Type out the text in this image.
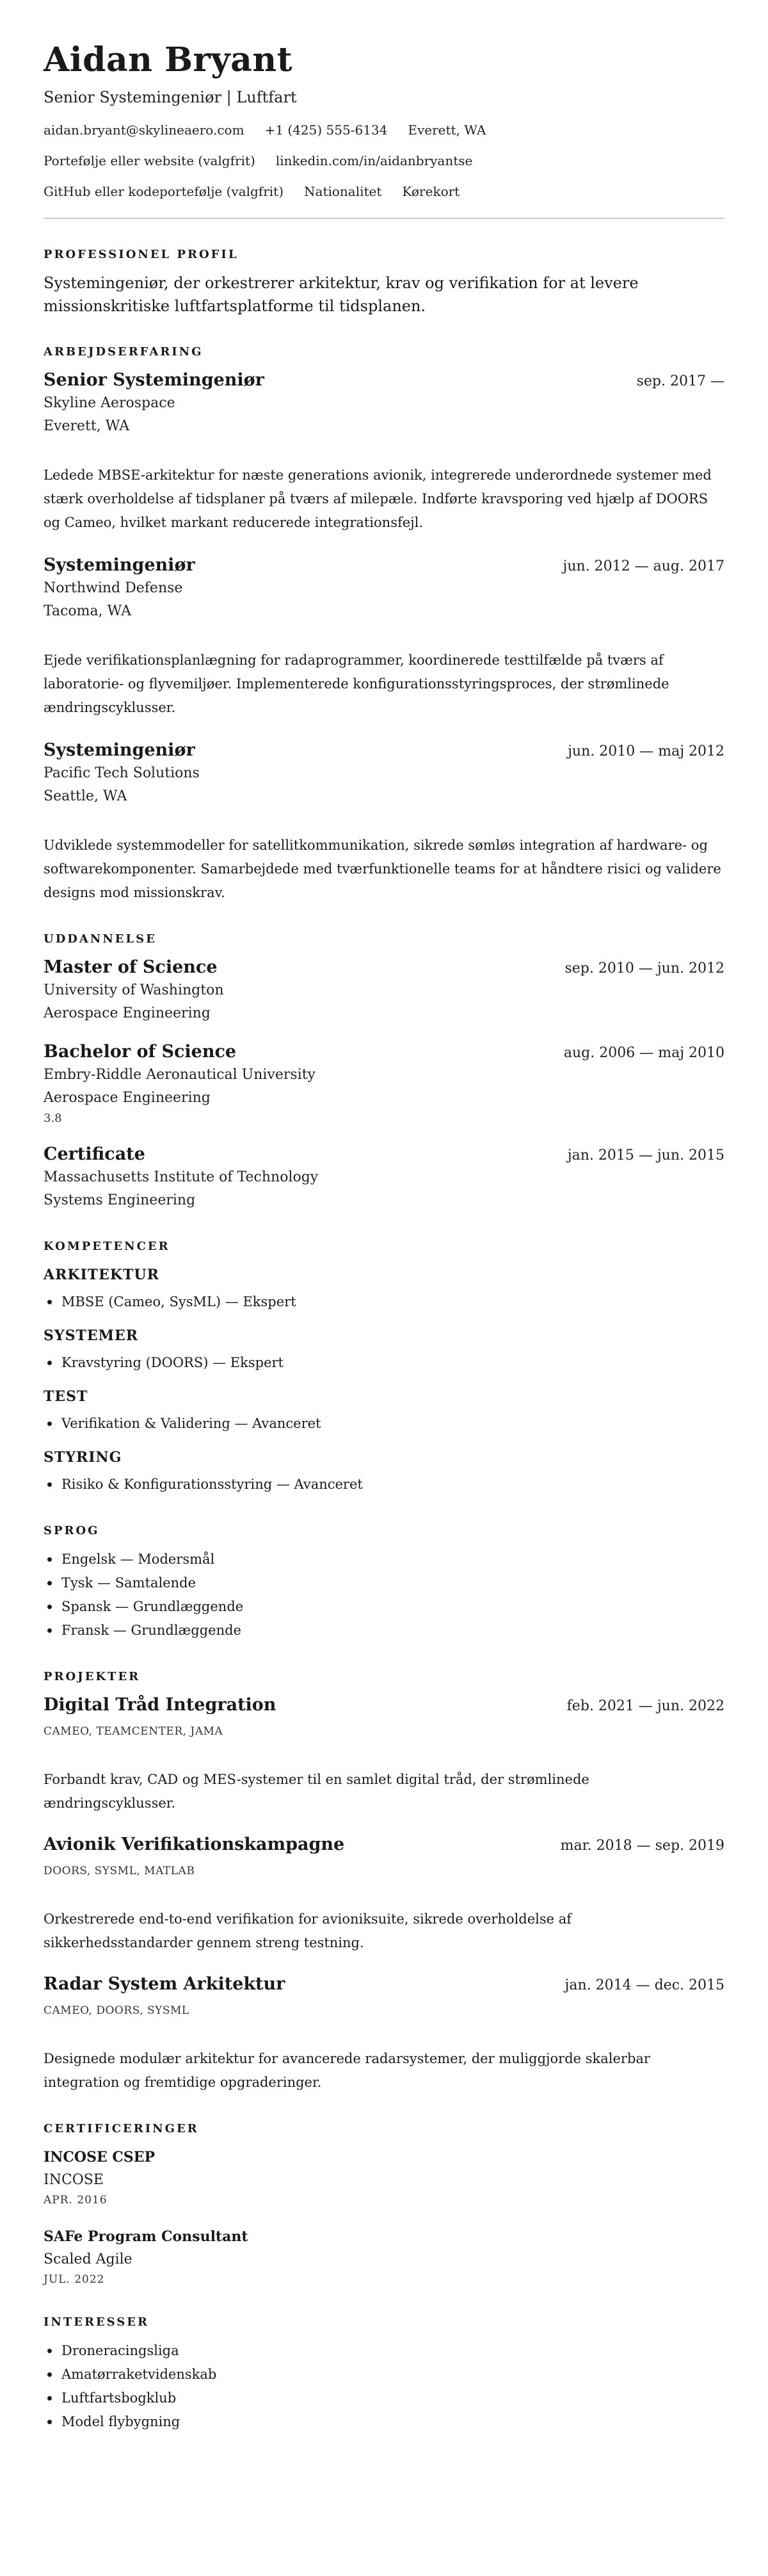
Aidan Bryant
Senior Systemingeniør | Luftfart
aidan.bryant@skylineaero.com +1 (425) 555-6134 Everett, WA
Portefølje eller website (valgfrit) linkedin.com/in/aidanbryantse
GitHub eller kodeportefølje (valgfrit) Nationalitet Kørekort
PROFESSIONEL PROFIL

Systemingeniør, der orkestrerer arkitektur, krav og verifikation for at levere missionskritiske luftfartsplatforme til tidsplanen.

ARBEJDSERFARING
Senior Systemingeniør	sep. 2017 —
Skyline Aerospace
Everett, WA

Ledede MBSE-arkitektur for næste generations avionik, integrerede underordnede systemer med stærk overholdelse af tidsplaner på tværs af milepæle. Indførte kravsporing ved hjælp af DOORS og Cameo, hvilket markant reducerede integrationsfejl.

Systemingeniør	jun. 2012 — aug. 2017
Northwind Defense
Tacoma, WA

Ejede verifikationsplanlægning for radaprogrammer, koordinerede testtilfælde på tværs af laboratorie- og flyvemiljøer. Implementerede konfigurationsstyringsproces, der strømlinede ændringscyklusser.

Systemingeniør	jun. 2010 — maj 2012
Pacific Tech Solutions
Seattle, WA

Udviklede systemmodeller for satellitkommunikation, sikrede sømløs integration af hardware- og softwarekomponenter. Samarbejdede med tværfunktionelle teams for at håndtere risici og validere designs mod missionskrav.

UDDANNELSE
Master of Science	sep. 2010 — jun. 2012
University of Washington
Aerospace Engineering
Bachelor of Science	aug. 2006 — maj 2010
Embry-Riddle Aeronautical University
Aerospace Engineering
3.8
Certificate	jan. 2015 — jun. 2015
Massachusetts Institute of Technology
Systems Engineering
KOMPETENCER
ARKITEKTUR
MBSE (Cameo, SysML) — Ekspert
SYSTEMER
Kravstyring (DOORS) — Ekspert
TEST
Verifikation & Validering — Avanceret
STYRING
Risiko & Konfigurationsstyring — Avanceret
SPROG
Engelsk — Modersmål
Tysk — Samtalende
Spansk — Grundlæggende
Fransk — Grundlæggende
PROJEKTER
Digital Tråd Integration	feb. 2021 — jun. 2022
CAMEO, TEAMCENTER, JAMA

Forbandt krav, CAD og MES-systemer til en samlet digital tråd, der strømlinede ændringscyklusser.

Avionik Verifikationskampagne	mar. 2018 — sep. 2019
DOORS, SYSML, MATLAB

Orkestrerede end-to-end verifikation for avioniksuite, sikrede overholdelse af sikkerhedsstandarder gennem streng testning.

Radar System Arkitektur	jan. 2014 — dec. 2015
CAMEO, DOORS, SYSML

Designede modulær arkitektur for avancerede radarsystemer, der muliggjorde skalerbar integration og fremtidige opgraderinger.

CERTIFICERINGER
INCOSE CSEP
INCOSE
APR. 2016
SAFe Program Consultant
Scaled Agile
JUL. 2022
INTERESSER
Droneracingsliga
Amatørraketvidenskab
Luftfartsbogklub
Model flybygning
